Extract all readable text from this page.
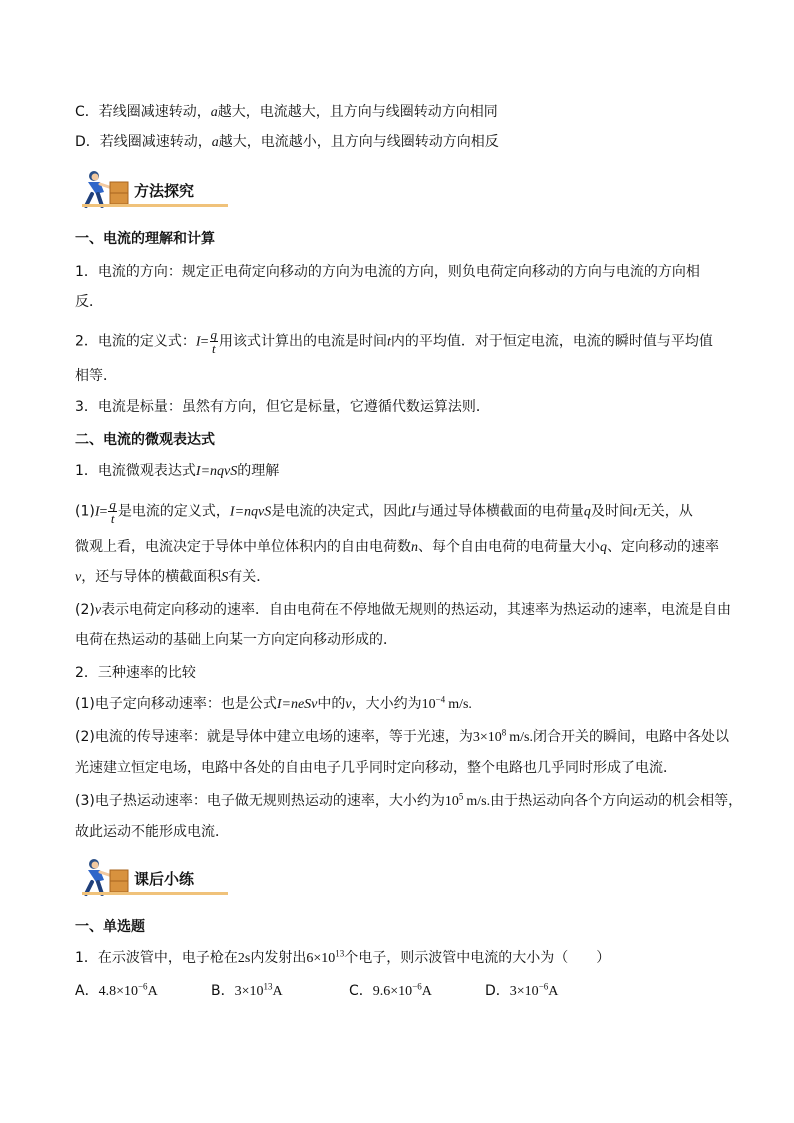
C．若线圈减速转动，a越大，电流越大，且方向与线圈转动方向相同
D．若线圈减速转动，a越大，电流越小，且方向与线圈转动方向相反
方法探究
一、电流的理解和计算
1．电流的方向：规定正电荷定向移动的方向为电流的方向，则负电荷定向移动的方向与电流的方向相
反．
2．电流的定义式：$I= \frac{q}{t}$ 用该式计算出的电流是时间t内的平均值．对于恒定电流，电流的瞬时值与平均值
相等．
3．电流是标量：虽然有方向，但它是标量，它遵循代数运算法则．
二、电流的微观表达式
1．电流微观表达式I=nqvS的理解
$(1)I= \frac{q}{t}$ 是电流的定义式，I=nqvS是电流的决定式，因此I与通过导体横截面的电荷量q及时间t无关，从
微观上看，电流决定于导体中单位体积内的自由电荷数n、每个自由电荷的电荷量大小q、定向移动的速率
v，还与导体的横截面积S有关．
(2)v表示电荷定向移动的速率．自由电荷在不停地做无规则的热运动，其速率为热运动的速率，电流是自由
电荷在热运动的基础上向某一方向定向移动形成的．
2．三种速率的比较
(1)电子定向移动速率：也是公式I=neSv中的v，大小约为$10^{-4}$ m/s.
(2)电流的传导速率：就是导体中建立电场的速率，等于光速，为$3\times 10^8$ m/s.闭合开关的瞬间，电路中各处以
光速建立恒定电场，电路中各处的自由电子几乎同时定向移动，整个电路也几乎同时形成了电流．
(3)电子热运动速率：电子做无规则热运动的速率，大小约为$10^5$ m/s.由于热运动向各个方向运动的机会相等，
故此运动不能形成电流．
课后小练
一、单选题
1．在示波管中，电子枪在2s内发射出$6\times 10^{13}$个电子，则示波管中电流的大小为（　　）
A．$4.8\times 10^{-6}A$	B．$3\times 10^{13}A$	C．$9.6\times 10^{-6}A$	D．$3\times 10^{-6}A$
